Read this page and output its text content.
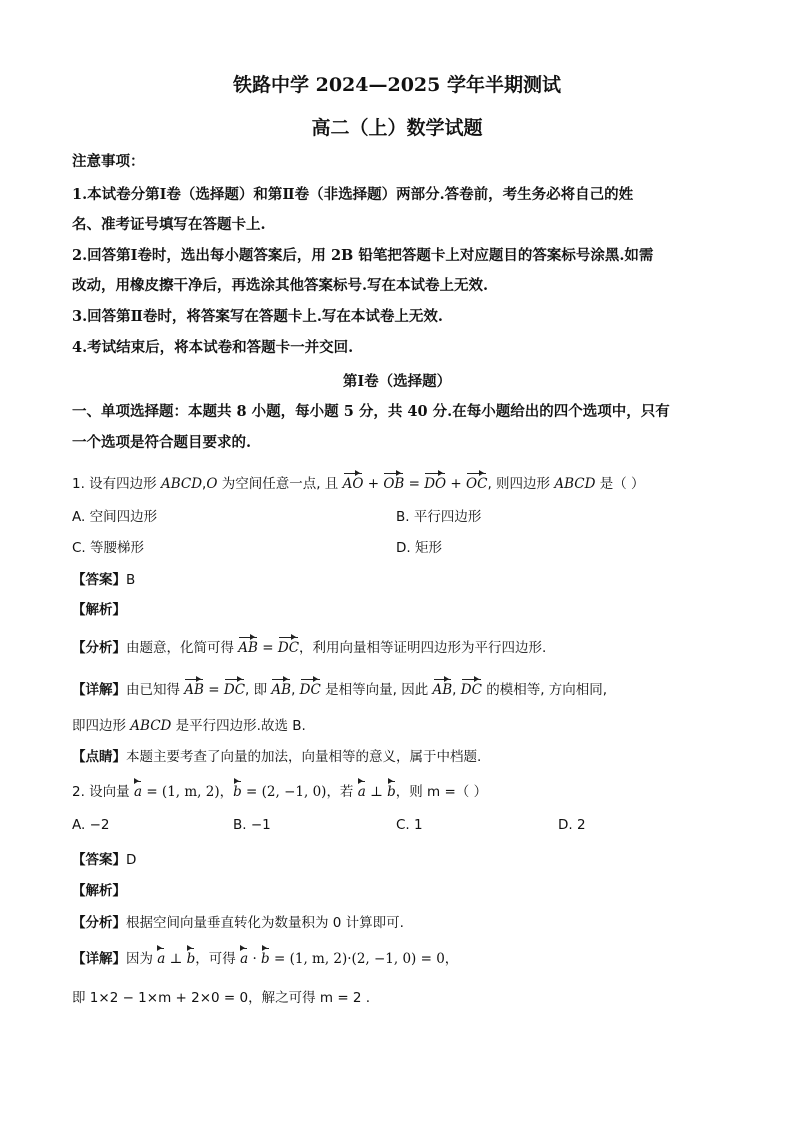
铁路中学 2024—2025 学年半期测试
高二（上）数学试题
注意事项：
1.本试卷分第Ⅰ卷（选择题）和第Ⅱ卷（非选择题）两部分.答卷前，考生务必将自己的姓
名、准考证号填写在答题卡上.
2.回答第Ⅰ卷时，选出每小题答案后，用 2B 铅笔把答题卡上对应题目的答案标号涂黑.如需
改动，用橡皮擦干净后，再选涂其他答案标号.写在本试卷上无效.
3.回答第Ⅱ卷时，将答案写在答题卡上.写在本试卷上无效.
4.考试结束后，将本试卷和答题卡一并交回.
第Ⅰ卷（选择题）
一、单项选择题：本题共 8 小题，每小题 5 分，共 40 分.在每小题给出的四个选项中，只有
一个选项是符合题目要求的.
1. 设有四边形 ABCD,O 为空间任意一点, 且 AO + OB = DO + OC, 则四边形 ABCD 是（ ）
A. 空间四边形	B. 平行四边形
C. 等腰梯形	D. 矩形
【答案】B
【解析】
【分析】由题意，化简可得 AB = DC，利用向量相等证明四边形为平行四边形.
【详解】由已知得 AB = DC, 即 AB, DC 是相等向量, 因此 AB, DC 的模相等, 方向相同,
即四边形 ABCD 是平行四边形.故选 B.
【点睛】本题主要考查了向量的加法，向量相等的意义，属于中档题.
2. 设向量 a = (1, m, 2)，b = (2, −1, 0)，若 a ⊥ b，则 m =（ ）
A. −2	B. −1	C. 1	D. 2
【答案】D
【解析】
【分析】根据空间向量垂直转化为数量积为 0 计算即可.
【详解】因为 a ⊥ b，可得 a · b = (1, m, 2)·(2, −1, 0) = 0，
即 1×2 − 1×m + 2×0 = 0，解之可得 m = 2 .
